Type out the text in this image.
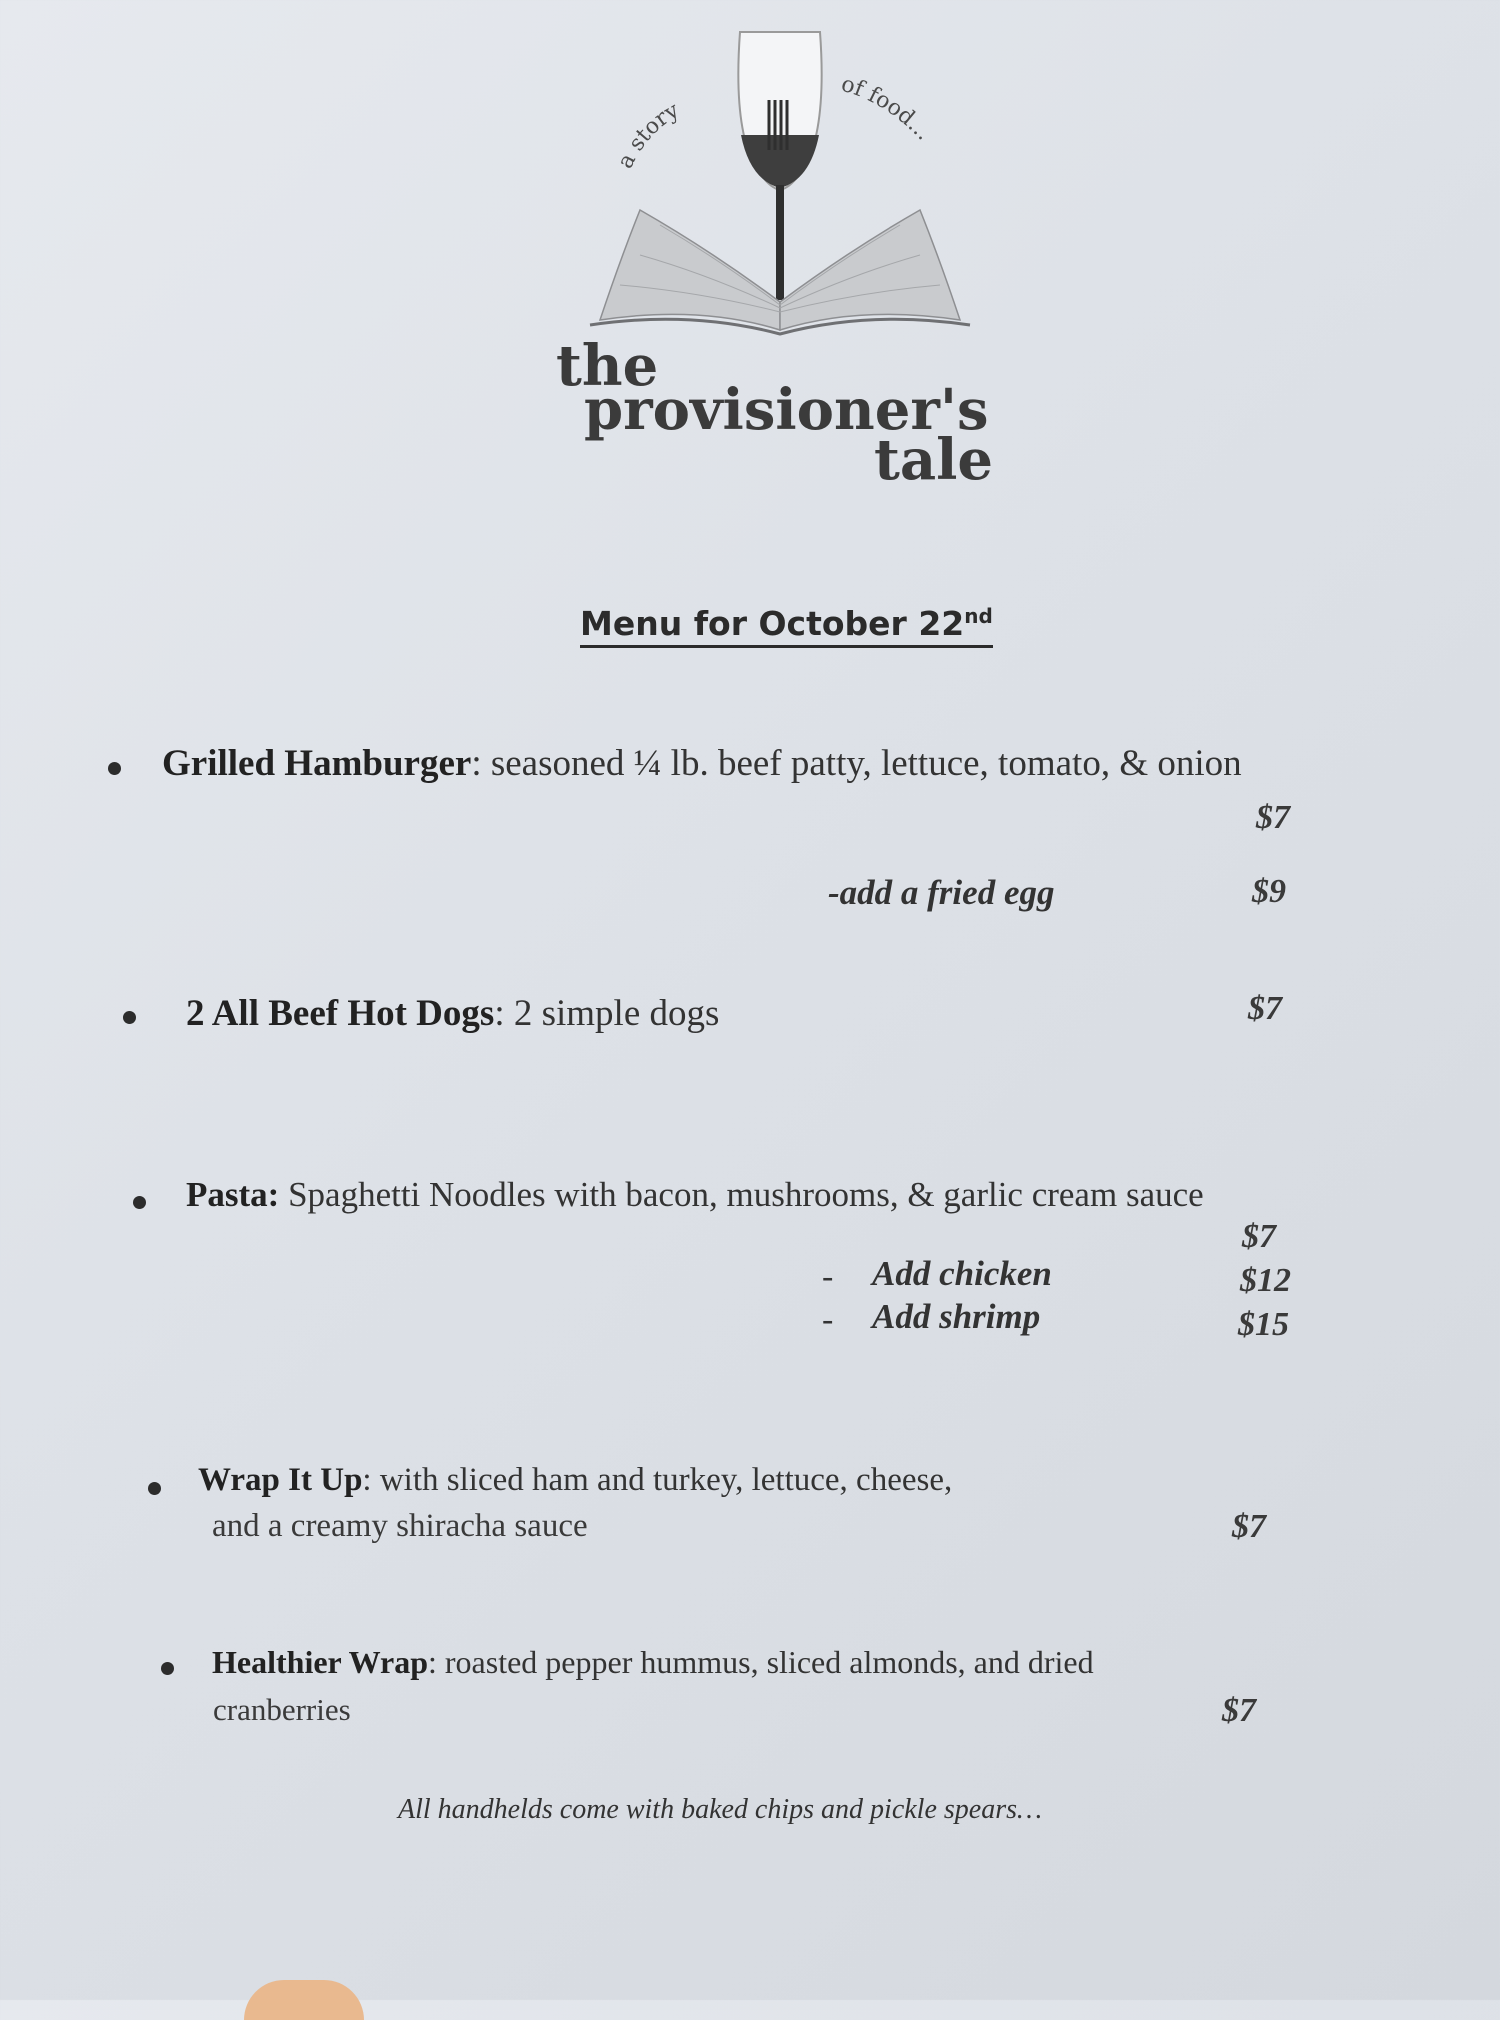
a story
of food...
the
provisioner's
tale
Menu for October 22nd
Grilled Hamburger: seasoned ¼ lb. beef patty, lettuce, tomato, & onion
$7
-add a fried egg	$9
2 All Beef Hot Dogs: 2 simple dogs	$7
Pasta: Spaghetti Noodles with bacon, mushrooms, & garlic cream sauce
$7
- Add chicken	$12
- Add shrimp	$15
Wrap It Up: with sliced ham and turkey, lettuce, cheese,
and a creamy shiracha sauce	$7
Healthier Wrap: roasted pepper hummus, sliced almonds, and dried
cranberries	$7
All handhelds come with baked chips and pickle spears…
